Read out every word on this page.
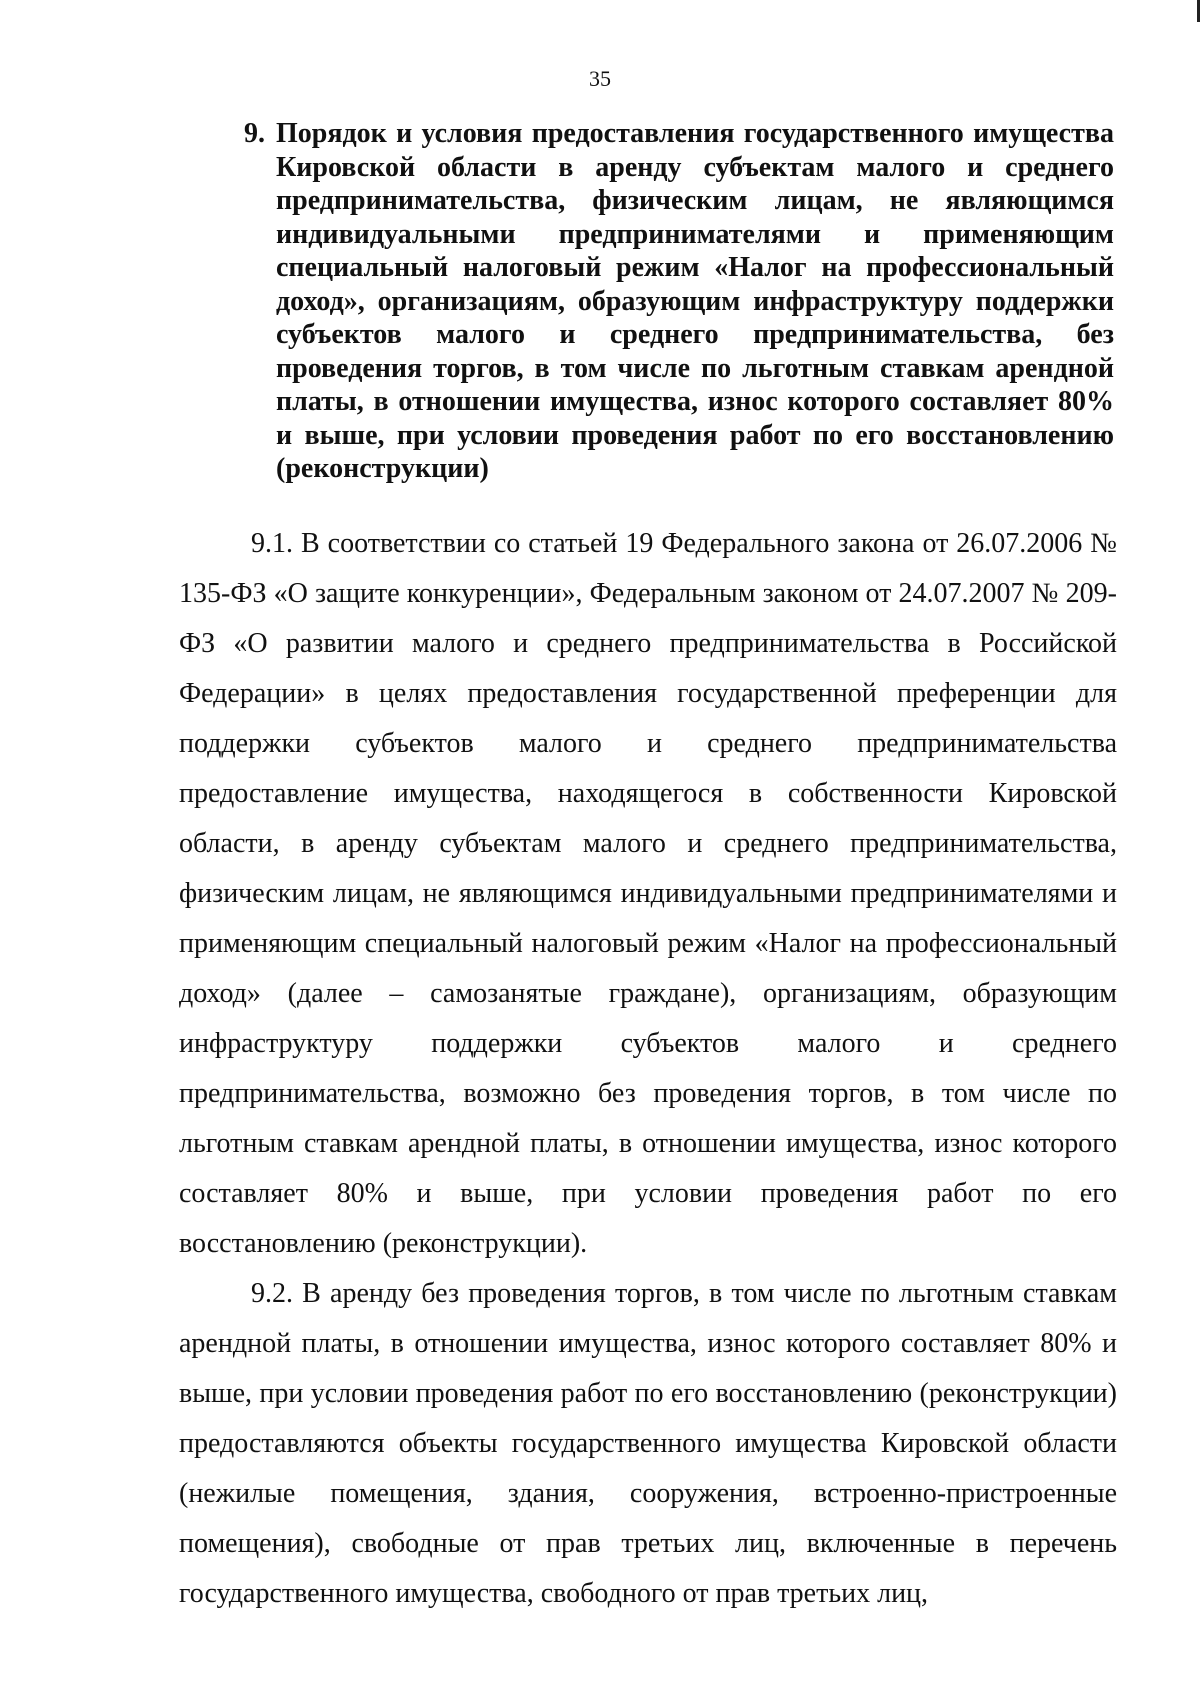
35
9. Порядок и условия предоставления государственного имущества Кировской области в аренду субъектам малого и среднего предпринимательства, физическим лицам, не являющимся индивидуальными предпринимателями и применяющим специальный налоговый режим «Налог на профессиональный доход», организациям, образующим инфраструктуру поддержки субъектов малого и среднего предпринимательства, без проведения торгов, в том числе по льготным ставкам арендной платы, в отношении имущества, износ которого составляет 80% и выше, при условии проведения работ по его восстановлению (реконструкции)

9.1. В соответствии со статьей 19 Федерального закона от 26.07.2006 № 135-ФЗ «О защите конкуренции», Федеральным законом от 24.07.2007 № 209-ФЗ «О развитии малого и среднего предпринимательства в Российской Федерации» в целях предоставления государственной преференции для поддержки субъектов малого и среднего предпринимательства предоставление имущества, находящегося в собственности Кировской области, в аренду субъектам малого и среднего предпринимательства, физическим лицам, не являющимся индивидуальными предпринимателями и применяющим специальный налоговый режим «Налог на профессиональный доход» (далее – самозанятые граждане), организациям, образующим инфраструктуру поддержки субъектов малого и среднего предпринимательства, возможно без проведения торгов, в том числе по льготным ставкам арендной платы, в отношении имущества, износ которого составляет 80% и выше, при условии проведения работ по его восстановлению (реконструкции).

9.2. В аренду без проведения торгов, в том числе по льготным ставкам арендной платы, в отношении имущества, износ которого составляет 80% и выше, при условии проведения работ по его восстановлению (реконструкции) предоставляются объекты государственного имущества Кировской области (нежилые помещения, здания, сооружения, встроенно-пристроенные помещения), свободные от прав третьих лиц, включенные в перечень государственного имущества, свободного от прав третьих лиц,
